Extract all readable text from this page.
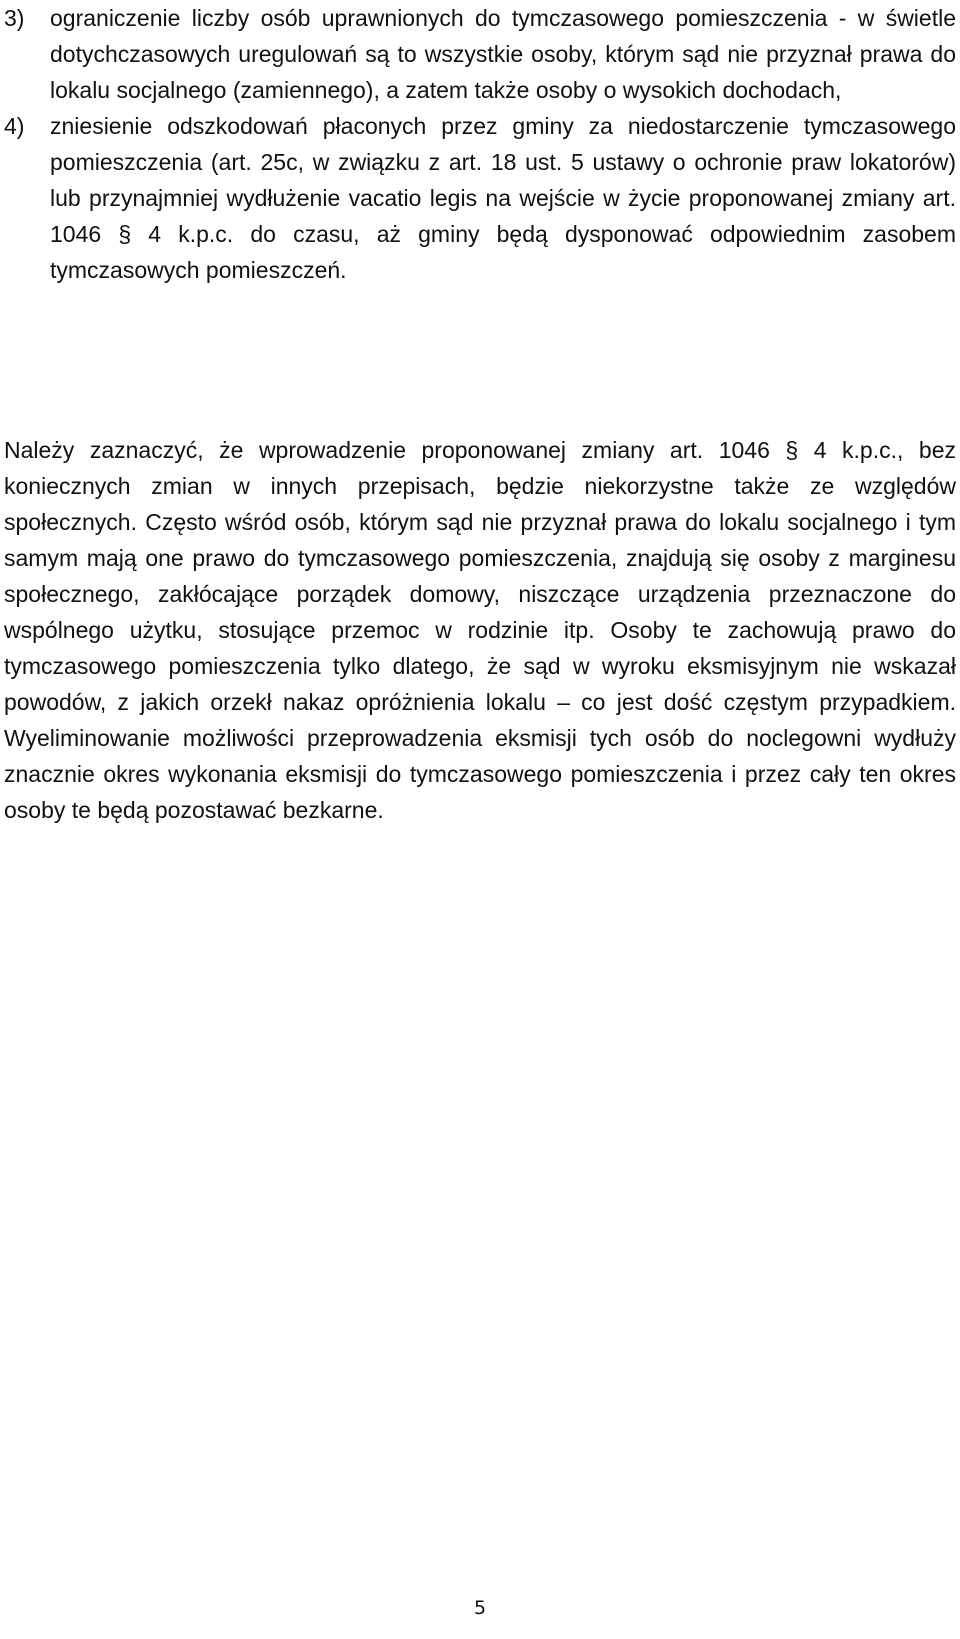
3)	ograniczenie liczby osób uprawnionych do tymczasowego pomieszczenia - w świetle dotychczasowych uregulowań są to wszystkie osoby, którym sąd nie przyznał prawa do lokalu socjalnego (zamiennego), a zatem także osoby o wysokich dochodach,
4)	zniesienie odszkodowań płaconych przez gminy za niedostarczenie tymczasowego pomieszczenia (art. 25c, w związku z art. 18 ust. 5 ustawy o ochronie praw lokatorów) lub przynajmniej wydłużenie vacatio legis na wejście w życie proponowanej zmiany art. 1046 § 4 k.p.c. do czasu, aż gminy będą dysponować odpowiednim zasobem tymczasowych pomieszczeń.

Należy zaznaczyć, że wprowadzenie proponowanej zmiany art. 1046 § 4 k.p.c., bez koniecznych zmian w innych przepisach, będzie niekorzystne także ze względów społecznych. Często wśród osób, którym sąd nie przyznał prawa do lokalu socjalnego i tym samym mają one prawo do tymczasowego pomieszczenia, znajdują się osoby z marginesu społecznego, zakłócające porządek domowy, niszczące urządzenia przeznaczone do wspólnego użytku, stosujące przemoc w rodzinie itp. Osoby te zachowują prawo do tymczasowego pomieszczenia tylko dlatego, że sąd w wyroku eksmisyjnym nie wskazał powodów, z jakich orzekł nakaz opróżnienia lokalu – co jest dość częstym przypadkiem. Wyeliminowanie możliwości przeprowadzenia eksmisji tych osób do noclegowni wydłuży znacznie okres wykonania eksmisji do tymczasowego pomieszczenia i przez cały ten okres osoby te będą pozostawać bezkarne.

5
